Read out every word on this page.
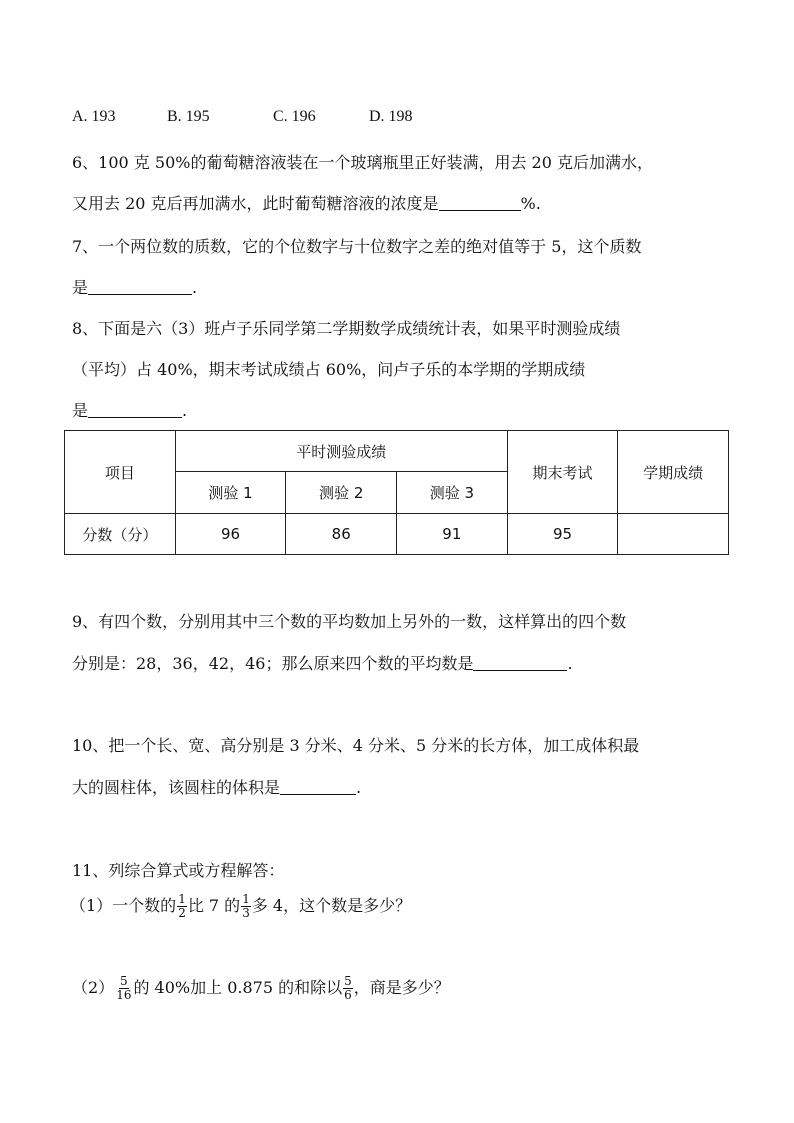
A. 193	B. 195	C. 196	D. 198
6、100 克 50%的葡萄糖溶液装在一个玻璃瓶里正好装满，用去 20 克后加满水，
又用去 20 克后再加满水，此时葡萄糖溶液的浓度是	%.
7、一个两位数的质数，它的个位数字与十位数字之差的绝对值等于 5，这个质数
是	.
8、下面是六（3）班卢子乐同学第二学期数学成绩统计表，如果平时测验成绩
（平均）占 40%，期末考试成绩占 60%，问卢子乐的本学期的学期成绩
是	.
项目	平时测验成绩			期末考试	学期成绩
	测验 1	测验 2	测验 3		
分数（分）	96	86	91	95	
9、有四个数，分别用其中三个数的平均数加上另外的一数，这样算出的四个数
分别是：28，36，42，46；那么原来四个数的平均数是	.
10、把一个长、宽、高分别是 3 分米、4 分米、5 分米的长方体，加工成体积最
大的圆柱体，该圆柱的体积是	.
11、列综合算式或方程解答：
（1）一个数的 $\frac{1}{2}$ 比 7 的 $\frac{1}{3}$ 多 4，这个数是多少？
$(2) \frac{5}{16}$ 的 40%加上 0.875 的和除以 $\frac{5}{6}$ ，商是多少？
